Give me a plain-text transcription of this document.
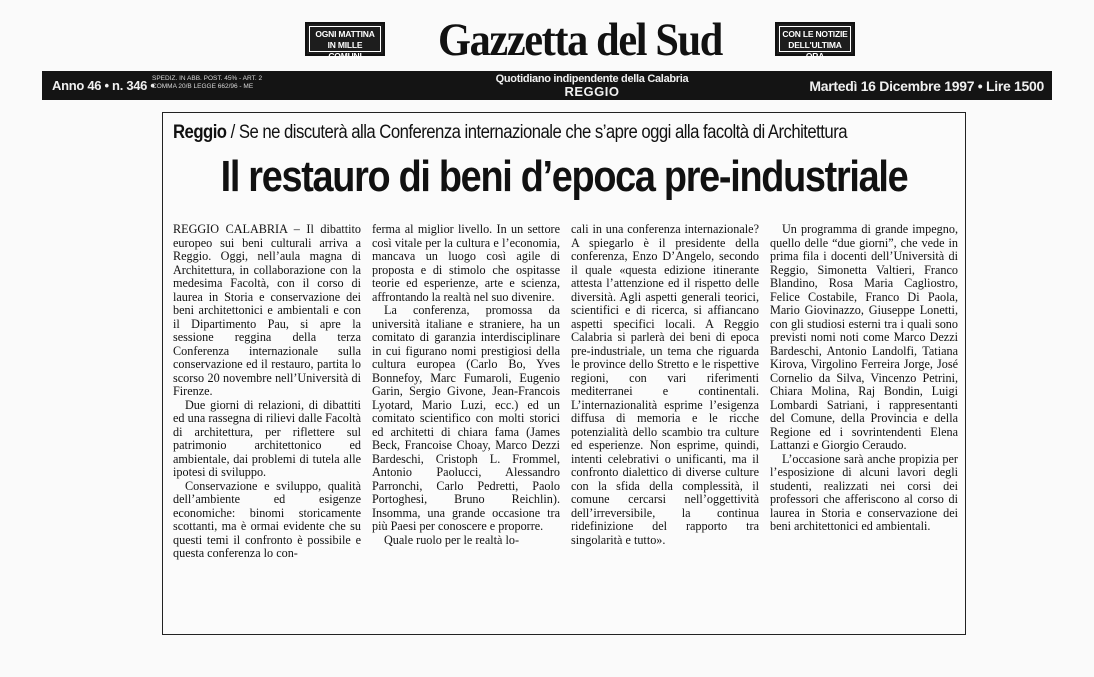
OGNI MATTINA
IN MILLE COMUNI	Gazzetta del Sud	CON LE NOTIZIE
DELL'ULTIMA ORA
Anno 46 • n. 346 •
SPEDIZ. IN ABB. POST. 45% - ART. 2
COMMA 20/B LEGGE 662/96 - ME
Quotidiano indipendente della Calabria
REGGIO	Martedì 16 Dicembre 1997 • Lire 1500
Reggio / Se ne discuterà alla Conferenza internazionale che s’apre oggi alla facoltà di Architettura
Il restauro di beni d’epoca pre-industriale

REGGIO CALABRIA – Il dibattito europeo sui beni culturali arriva a Reggio. Oggi, nell’aula magna di Architettura, in collaborazione con la medesima Facoltà, con il corso di laurea in Storia e conservazione dei beni architettonici e ambientali e con il Dipartimento Pau, si apre la sessione reggina della terza Conferenza internazionale sulla conservazione ed il restauro, partita lo scorso 20 novembre nell’Università di Firenze.

Due giorni di relazioni, di dibattiti ed una rassegna di rilievi dalle Facoltà di architettura, per riflettere sul patrimonio architettonico ed ambientale, dai problemi di tutela alle ipotesi di sviluppo.

Conservazione e sviluppo, qualità dell’ambiente ed esigenze economiche: binomi storicamente scottanti, ma è ormai evidente che su questi temi il confronto è possibile e questa conferenza lo con-

ferma al miglior livello. In un settore così vitale per la cultura e l’economia, mancava un luogo così agile di proposta e di stimolo che ospitasse teorie ed esperienze, arte e scienza, affrontando la realtà nel suo divenire.

La conferenza, promossa da università italiane e straniere, ha un comitato di garanzia interdisciplinare in cui figurano nomi prestigiosi della cultura europea (Carlo Bo, Yves Bonnefoy, Marc Fumaroli, Eugenio Garin, Sergio Givone, Jean-Francois Lyotard, Mario Luzi, ecc.) ed un comitato scientifico con molti storici ed architetti di chiara fama (James Beck, Francoise Choay, Marco Dezzi Bardeschi, Cristoph L. Frommel, Antonio Paolucci, Alessandro Parronchi, Carlo Pedretti, Paolo Portoghesi, Bruno Reichlin). Insomma, una grande occasione tra più Paesi per conoscere e proporre.

Quale ruolo per le realtà lo-

cali in una conferenza internazionale? A spiegarlo è il presidente della conferenza, Enzo D’Angelo, secondo il quale «questa edizione itinerante attesta l’attenzione ed il rispetto delle diversità. Agli aspetti generali teorici, scientifici e di ricerca, si affiancano aspetti specifici locali. A Reggio Calabria si parlerà dei beni di epoca pre-industriale, un tema che riguarda le province dello Stretto e le rispettive regioni, con vari riferimenti mediterranei e continentali. L’internazionalità esprime l’esigenza diffusa di memoria e le ricche potenzialità dello scambio tra culture ed esperienze. Non esprime, quindi, intenti celebrativi o unificanti, ma il confronto dialettico di diverse culture con la sfida della complessità, il comune cercarsi nell’oggettività dell’irreversibile, la continua ridefinizione del rapporto tra singolarità e tutto».

Un programma di grande impegno, quello delle “due giorni”, che vede in prima fila i docenti dell’Università di Reggio, Simonetta Valtieri, Franco Blandino, Rosa Maria Cagliostro, Felice Costabile, Franco Di Paola, Mario Giovinazzo, Giuseppe Lonetti, con gli studiosi esterni tra i quali sono previsti nomi noti come Marco Dezzi Bardeschi, Antonio Landolfi, Tatiana Kirova, Virgolino Ferreira Jorge, José Cornelio da Silva, Vincenzo Petrini, Chiara Molina, Raj Bondin, Luigi Lombardi Satriani, i rappresentanti del Comune, della Provincia e della Regione ed i sovrintendenti Elena Lattanzi e Giorgio Ceraudo.

L’occasione sarà anche propizia per l’esposizione di alcuni lavori degli studenti, realizzati nei corsi dei professori che afferiscono al corso di laurea in Storia e conservazione dei beni architettonici ed ambientali.
